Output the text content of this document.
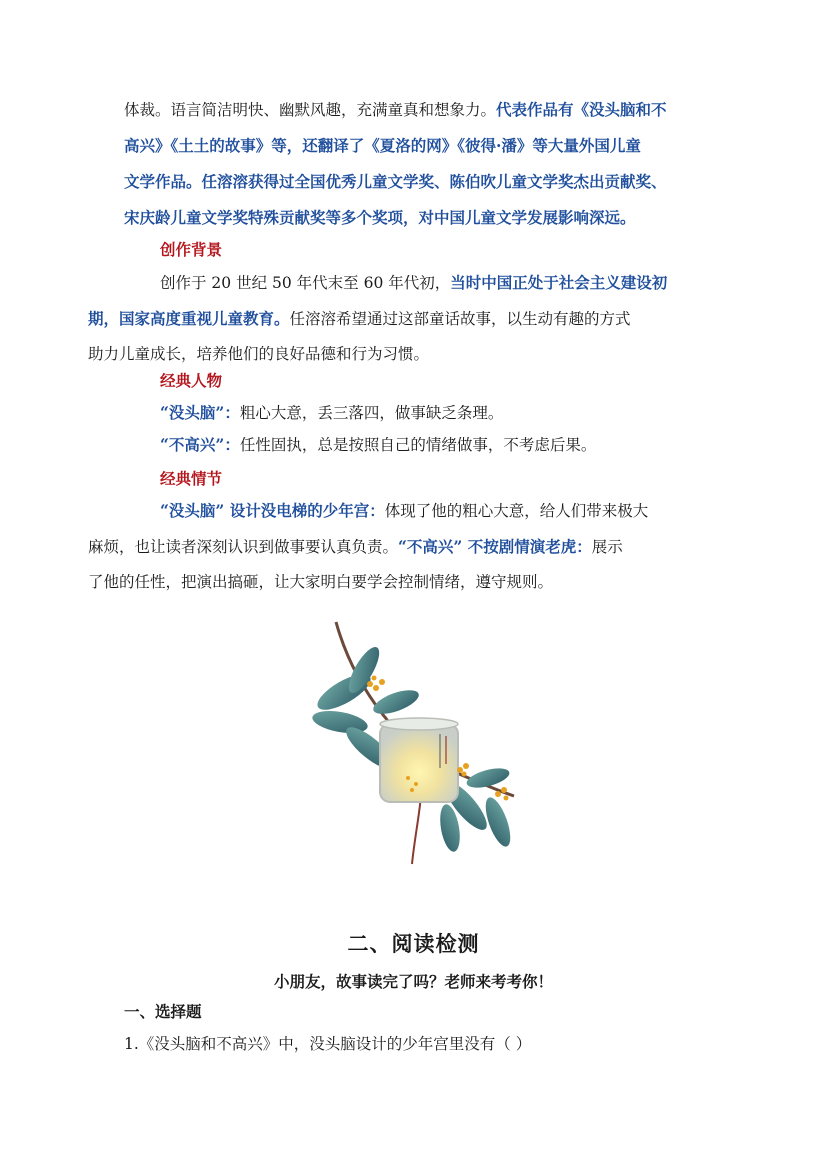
体裁。语言简洁明快、幽默风趣，充满童真和想象力。代表作品有《没头脑和不
高兴》《土土的故事》等，还翻译了《夏洛的网》《彼得·潘》等大量外国儿童
文学作品。任溶溶获得过全国优秀儿童文学奖、陈伯吹儿童文学奖杰出贡献奖、
宋庆龄儿童文学奖特殊贡献奖等多个奖项，对中国儿童文学发展影响深远。

创作背景

创作于 20 世纪 50 年代末至 60 年代初，当时中国正处于社会主义建设初
期，国家高度重视儿童教育。任溶溶希望通过这部童话故事，以生动有趣的方式
助力儿童成长，培养他们的良好品德和行为习惯。

经典人物

“没头脑”：粗心大意，丢三落四，做事缺乏条理。

“不高兴”：任性固执，总是按照自己的情绪做事，不考虑后果。

经典情节

“没头脑” 设计没电梯的少年宫：体现了他的粗心大意，给人们带来极大
麻烦，也让读者深刻认识到做事要认真负责。“不高兴” 不按剧情演老虎：展示
了他的任性，把演出搞砸，让大家明白要学会控制情绪，遵守规则。

二、阅读检测

小朋友，故事读完了吗？老师来考考你！

一、选择题

1.《没头脑和不高兴》中，没头脑设计的少年宫里没有（ ）
